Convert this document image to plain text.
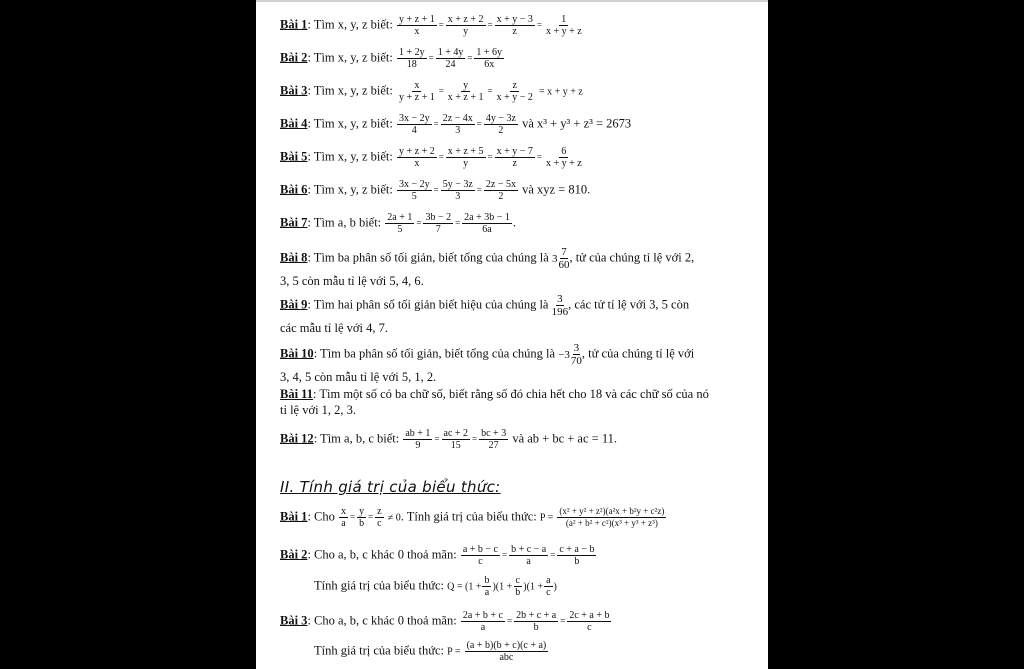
Bài 1: Tìm x, y, z biết: $\frac{y + z + 1}{x} = \frac{x + z + 2}{y} = \frac{x + y - 3}{z} = \frac{1}{x + y + z}$
Bài 2: Tìm x, y, z biết: $\frac{1 + 2y}{18} = \frac{1 + 4y}{24} = \frac{1 + 6y}{6x}$
Bài 3: Tìm x, y, z biết: $\frac{x}{y + z + 1} = \frac{y}{x + z + 1} = \frac{z}{x + y - 2} = x + y + z$
Bài 4: Tìm x, y, z biết: $\frac{3x - 2y}{4} = \frac{2z - 4x}{3} = \frac{4y - 3z}{2}$ và x³ + y³ + z³ = 2673
Bài 5: Tìm x, y, z biết: $\frac{y + z + 2}{x} = \frac{x + z + 5}{y} = \frac{x + y - 7}{z} = \frac{6}{x + y + z}$
Bài 6: Tìm x, y, z biết: $\frac{3x - 2y}{5} = \frac{5y - 3z}{3} = \frac{2z - 5x}{2}$ và xyz = 810.
Bài 7: Tìm a, b biết: $\frac{2a + 1}{5} = \frac{3b - 2}{7} = \frac{2a + 3b - 1}{6a}$ .
Bài 8: Tìm ba phân số tối giản, biết tổng của chúng là 3
7
60
, tử của chúng tỉ lệ với 2,
3, 5 còn mẫu tỉ lệ với 5, 4, 6.
Bài 9: Tìm hai phân số tối giản biết hiệu của chúng là $\frac{3}{196}$ , các tử tỉ lệ với 3, 5 còn
các mẫu tỉ lệ với 4, 7.
Bài 10: Tìm ba phân số tối giản, biết tổng của chúng là −3
3
70
, tử của chúng tỉ lệ với
3, 4, 5 còn mẫu tỉ lệ với 5, 1, 2.
Bài 11: Tìm một số có ba chữ số, biết rằng số đó chia hết cho 18 và các chữ số của nó
tỉ lệ với 1, 2, 3.
Bài 12: Tìm a, b, c biết: $\frac{ab + 1}{9} = \frac{ac + 2}{15} = \frac{bc + 3}{27}$ và ab + bc + ac = 11.
II. Tính giá trị của biểu thức:
Bài 1: Cho $\frac{x}{a} = \frac{y}{b} = \frac{z}{c} \ne 0$. Tính giá trị của biểu thức: $P = \frac{\text{(x² + y² + z²)(a²x + b²y + c²z)}}{\text{(a² + b² + c²)(x³ + y³ + z³)}}$
Bài 2: Cho a, b, c khác 0 thoả mãn: $\frac{a + b - c}{c} = \frac{b + c - a}{a} = \frac{c + a - b}{b}$
Tính giá trị của biểu thức: $Q = (1 + \frac{b}{a} )(1 + \frac{c}{b} )(1 + \frac{a}{c}$ )
Bài 3: Cho a, b, c khác 0 thoả mãn: $\frac{2a + b + c}{a} = \frac{2b + c + a}{b} = \frac{2c + a + b}{c}$
Tính giá trị của biểu thức: $P = \frac{(a + b)(b + c)(c + a)}{\text{abc}}$
